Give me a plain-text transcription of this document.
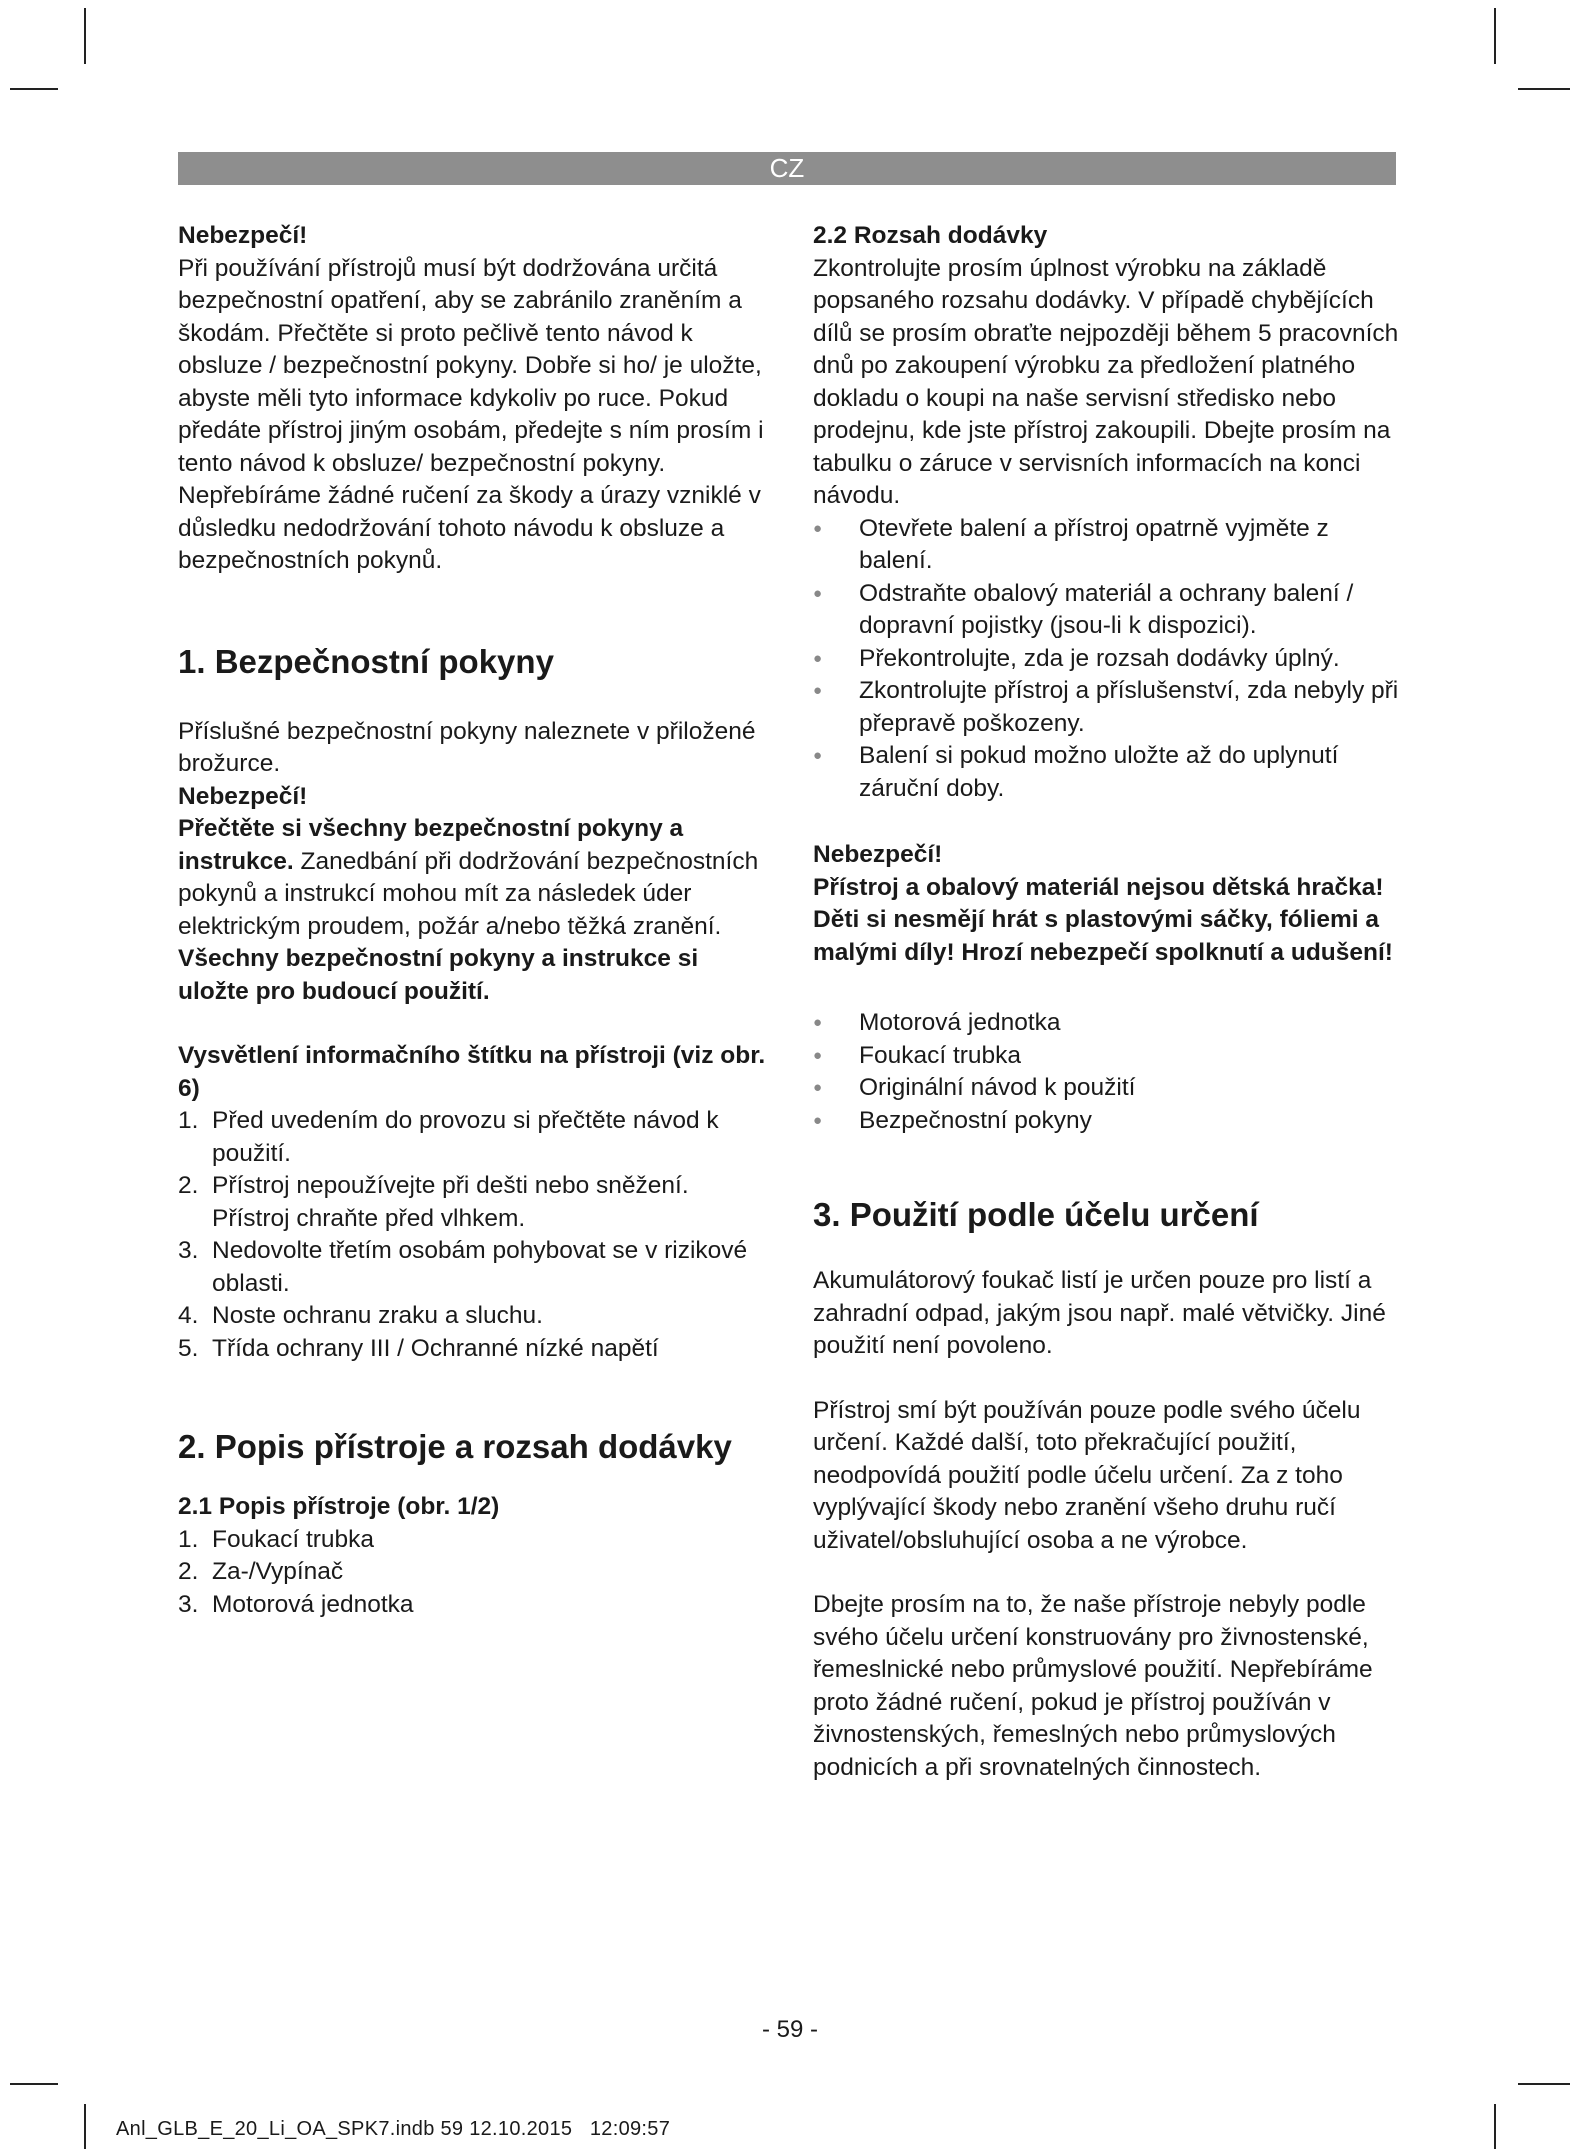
CZ

Nebezpečí!

Při používání přístrojů musí být dodržována určitá bezpečnostní opatření, aby se zabránilo zraněním a škodám. Přečtěte si proto pečlivě tento návod k obsluze / bezpečnostní pokyny. Dobře si ho/ je uložte, abyste měli tyto informace kdykoliv po ruce. Pokud předáte přístroj jiným osobám, předejte s ním prosím i tento návod k obsluze/ bezpečnostní pokyny. Nepřebíráme žádné ručení za škody a úrazy vzniklé v důsledku nedodržování tohoto návodu k obsluze a bezpečnostních pokynů.

1. Bezpečnostní pokyny

Příslušné bezpečnostní pokyny naleznete v přiložené brožurce.

Nebezpečí!

Přečtěte si všechny bezpečnostní pokyny a instrukce. Zanedbání při dodržování bezpečnostních pokynů a instrukcí mohou mít za následek úder elektrickým proudem, požár a/nebo těžká zranění. Všechny bezpečnostní pokyny a instrukce si uložte pro budoucí použití.

Vysvětlení informačního štítku na přístroji (viz obr. 6)

1. Před uvedením do provozu si přečtěte návod k použití.
2. Přístroj nepoužívejte při dešti nebo sněžení. Přístroj chraňte před vlhkem.
3. Nedovolte třetím osobám pohybovat se v rizikové oblasti.
4. Noste ochranu zraku a sluchu.
5. Třída ochrany III / Ochranné nízké napětí
2. Popis přístroje a rozsah dodávky

2.1 Popis přístroje (obr. 1/2)

1. Foukací trubka
2. Za-/Vypínač
3. Motorová jednotka

2.2 Rozsah dodávky

Zkontrolujte prosím úplnost výrobku na základě popsaného rozsahu dodávky. V případě chybějících dílů se prosím obraťte nejpozději během 5 pracovních dnů po zakoupení výrobku za předložení platného dokladu o koupi na naše servisní středisko nebo prodejnu, kde jste přístroj zakoupili. Dbejte prosím na tabulku o záruce v servisních informacích na konci návodu.

● Otevřete balení a přístroj opatrně vyjměte z balení.
● Odstraňte obalový materiál a ochrany balení / dopravní pojistky (jsou-li k dispozici).
● Překontrolujte, zda je rozsah dodávky úplný.
● Zkontrolujte přístroj a příslušenství, zda nebyly při přepravě poškozeny.
● Balení si pokud možno uložte až do uplynutí záruční doby.

Nebezpečí!

Přístroj a obalový materiál nejsou dětská hračka! Děti si nesmějí hrát s plastovými sáčky, fóliemi a malými díly! Hrozí nebezpečí spolknutí a udušení!

● Motorová jednotka
● Foukací trubka
● Originální návod k použití
● Bezpečnostní pokyny
3. Použití podle účelu určení

Akumulátorový foukač listí je určen pouze pro listí a zahradní odpad, jakým jsou např. malé větvičky. Jiné použití není povoleno.

Přístroj smí být používán pouze podle svého účelu určení. Každé další, toto překračující použití, neodpovídá použití podle účelu určení. Za z toho vyplývající škody nebo zranění všeho druhu ručí uživatel/obsluhující osoba a ne výrobce.

Dbejte prosím na to, že naše přístroje nebyly podle svého účelu určení konstruovány pro živnostenské, řemeslnické nebo průmyslové použití. Nepřebíráme proto žádné ručení, pokud je přístroj používán v živnostenských, řemeslných nebo průmyslových podnicích a při srovnatelných činnostech.

- 59 -
Anl_GLB_E_20_Li_OA_SPK7.indb 59 12.10.2015 12:09:57
